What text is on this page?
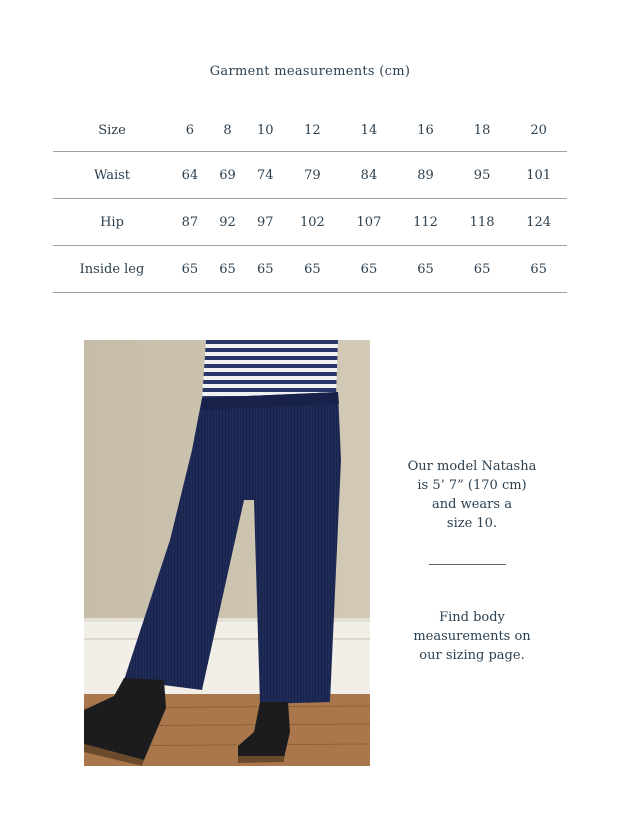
Garment measurements (cm)
Size	6	8	10	12	14	16	18	20
Waist	64	69	74	79	84	89	95	101
Hip	87	92	97	102	107	112	118	124
Inside leg	65	65	65	65	65	65	65	65
Our model Natasha
is 5’ 7” (170 cm)
and wears a
size 10.
Find body
measurements on
our sizing page.
